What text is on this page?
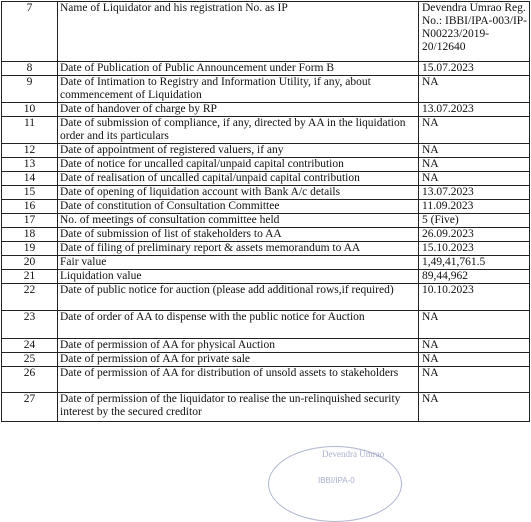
7	Name of Liquidator and his registration No. as IP	Devendra Umrao Reg. No.: IBBI/IPA-003/IP-N00223/2019-20/12640
8	Date of Publication of Public Announcement under Form B	15.07.2023
9	Date of Intimation to Registry and Information Utility, if any, about commencement of Liquidation	NA
10	Date of handover of charge by RP	13.07.2023
11	Date of submission of compliance, if any, directed by AA in the liquidation order and its particulars	NA
12	Date of appointment of registered valuers, if any	NA
13	Date of notice for uncalled capital/unpaid capital contribution	NA
14	Date of realisation of uncalled capital/unpaid capital contribution	NA
15	Date of opening of liquidation account with Bank A/c details	13.07.2023
16	Date of constitution of Consultation Committee	11.09.2023
17	No. of meetings of consultation committee held	5 (Five)
18	Date of submission of list of stakeholders to AA	26.09.2023
19	Date of filing of preliminary report & assets memorandum to AA	15.10.2023
20	Fair value	1,49,41,761.5
21	Liquidation value	89,44,962
22	Date of public notice for auction (please add additional rows,if required)	10.10.2023
23	Date of order of AA to dispense with the public notice for Auction	NA
24	Date of permission of AA for physical Auction	NA
25	Date of permission of AA for private sale	NA
26	Date of permission of AA for distribution of unsold assets to stakeholders	NA
27	Date of permission of the liquidator to realise the un-relinquished security interest by the secured creditor	NA
Devendra Umrao
IBBI/IPA-0
